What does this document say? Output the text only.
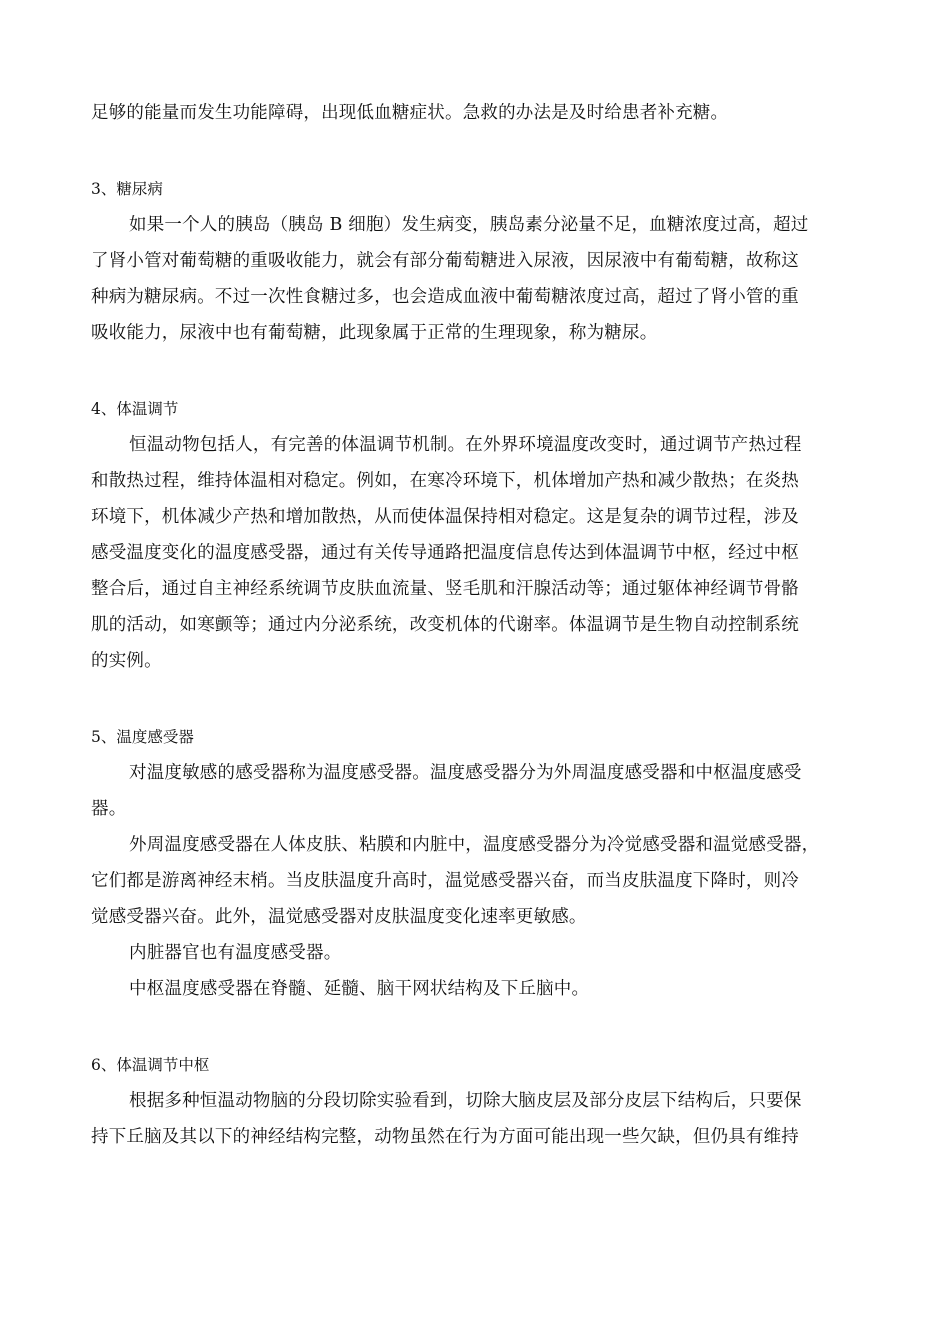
足够的能量而发生功能障碍，出现低血糖症状。急救的办法是及时给患者补充糖。
3、糖尿病
如果一个人的胰岛（胰岛 B 细胞）发生病变，胰岛素分泌量不足，血糖浓度过高，超过
了肾小管对葡萄糖的重吸收能力，就会有部分葡萄糖进入尿液，因尿液中有葡萄糖，故称这
种病为糖尿病。不过一次性食糖过多，也会造成血液中葡萄糖浓度过高，超过了肾小管的重
吸收能力，尿液中也有葡萄糖，此现象属于正常的生理现象，称为糖尿。
4、体温调节
恒温动物包括人，有完善的体温调节机制。在外界环境温度改变时，通过调节产热过程
和散热过程，维持体温相对稳定。例如，在寒冷环境下，机体增加产热和减少散热；在炎热
环境下，机体减少产热和增加散热，从而使体温保持相对稳定。这是复杂的调节过程，涉及
感受温度变化的温度感受器，通过有关传导通路把温度信息传达到体温调节中枢，经过中枢
整合后，通过自主神经系统调节皮肤血流量、竖毛肌和汗腺活动等；通过躯体神经调节骨骼
肌的活动，如寒颤等；通过内分泌系统，改变机体的代谢率。体温调节是生物自动控制系统
的实例。
5、温度感受器
对温度敏感的感受器称为温度感受器。温度感受器分为外周温度感受器和中枢温度感受
器。
外周温度感受器在人体皮肤、粘膜和内脏中，温度感受器分为冷觉感受器和温觉感受器，
它们都是游离神经末梢。当皮肤温度升高时，温觉感受器兴奋，而当皮肤温度下降时，则冷
觉感受器兴奋。此外，温觉感受器对皮肤温度变化速率更敏感。
内脏器官也有温度感受器。
中枢温度感受器在脊髓、延髓、脑干网状结构及下丘脑中。
6、体温调节中枢
根据多种恒温动物脑的分段切除实验看到，切除大脑皮层及部分皮层下结构后，只要保
持下丘脑及其以下的神经结构完整，动物虽然在行为方面可能出现一些欠缺，但仍具有维持
